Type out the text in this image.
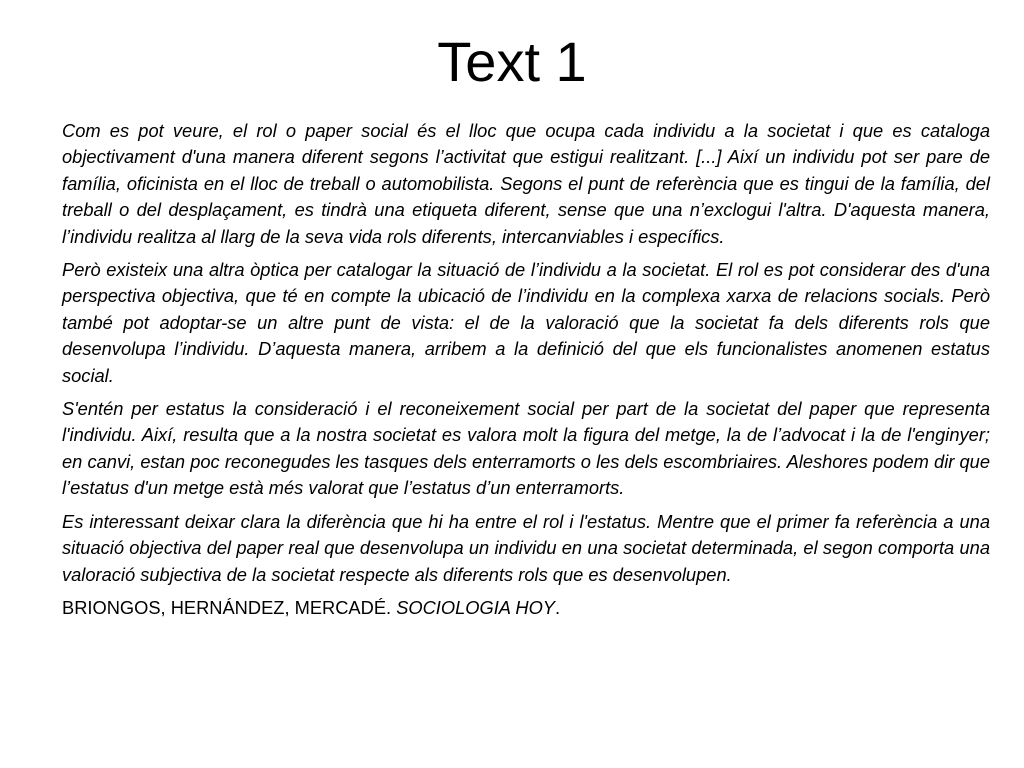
Text 1

Com es pot veure, el rol o paper social és el lloc que ocupa cada individu a la societat i que es cataloga objectivament d'una manera diferent segons l’activitat que estigui realitzant. [...] Així un individu pot ser pare de família, oficinista en el lloc de treball o automobilista. Segons el punt de referència que es tingui de la família, del treball o del desplaçament, es tindrà una etiqueta diferent, sense que una n’exclogui l'altra. D'aquesta manera, l’individu realitza al llarg de la seva vida rols diferents, intercanviables i específics.

Però existeix una altra òptica per catalogar la situació de l’individu a la societat. El rol es pot considerar des d'una perspectiva objectiva, que té en compte la ubicació de l’individu en la complexa xarxa de relacions socials. Però també pot adoptar-se un altre punt de vista: el de la valoració que la societat fa dels diferents rols que desenvolupa l’individu. D’aquesta manera, arribem a la definició del que els funcionalistes anomenen estatus social.

S'entén per estatus la consideració i el reconeixement social per part de la societat del paper que representa l'individu. Així, resulta que a la nostra societat es valora molt la figura del metge, la de l’advocat i la de l'enginyer; en canvi, estan poc reconegudes les tasques dels enterramorts o les dels escombriaires. Aleshores podem dir que l’estatus d'un metge està més valorat que l’estatus d’un enterramorts.

Es interessant deixar clara la diferència que hi ha entre el rol i l'estatus. Mentre que el primer fa referència a una situació objectiva del paper real que desenvolupa un individu en una societat determinada, el segon comporta una valoració subjectiva de la societat respecte als diferents rols que es desenvolupen.

BRIONGOS, HERNÁNDEZ, MERCADÉ. SOCIOLOGIA HOY.
